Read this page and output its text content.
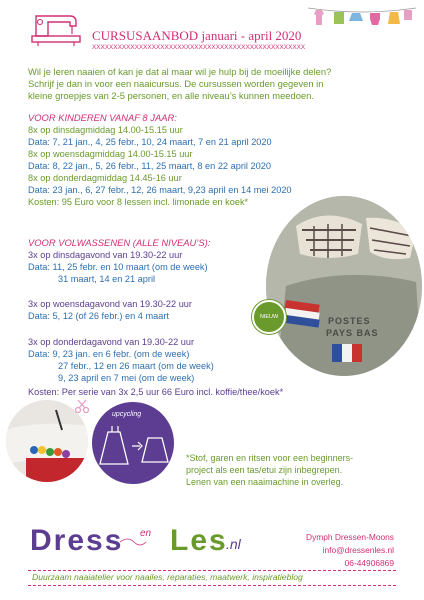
CURSUSAANBOD januari - april 2020
XXXXXXXXXXXXXXXXXXXXXXXXXXXXXXXXXXXXXXXXXXXXXXXXXX
Wil je leren naaien of kan je dat al maar wil je hulp bij de moeilijke delen?
Schrijf je dan in voor een naaicursus. De cursussen worden gegeven in
kleine groepjes van 2-5 personen, en alle niveau’s kunnen meedoen.
VOOR KINDEREN VANAF 8 JAAR:
8x op dinsdagmiddag 14.00-15.15 uur
Data: 7, 21 jan., 4, 25 febr., 10, 24 maart, 7 en 21 april 2020
8x op woensdagmiddag 14.00-15.15 uur
Data: 8, 22 jan., 5, 26 febr., 11, 25 maart, 8 en 22 april 2020
8x op donderdagmiddag 14.45-16 uur
Data: 23 jan., 6, 27 febr., 12, 26 maart, 9,23 april en 14 mei 2020
Kosten: 95 Euro voor 8 lessen incl. limonade en koek*
POSTES
PAYS BAS
NIEUW
VOOR VOLWASSENEN (ALLE NIVEAU’S):
3x op dinsdagavond van 19.30-22 uur
Data: 11, 25 febr. en 10 maart (om de week)
31 maart, 14 en 21 april
3x op woensdagavond van 19.30-22 uur
Data: 5, 12 (of 26 febr.) en 4 maart
3x op donderdagavond van 19.30-22 uur
Data: 9, 23 jan. en 6 febr. (om de week)
27 febr., 12 en 26 maart (om de week)
9, 23 april en 7 mei (om de week)
Kosten: Per serie van 3x 2,5 uur 66 Euro incl. koffie/thee/koek*
upcycling
*Stof, garen en ritsen voor een beginners-
project als een tas/etui zijn inbegrepen.
Lenen van een naaimachine in overleg.
Dress en Les
.nl	Dymph Dressen-Moons
info@dressenles.nl
06-44906869
Duurzaam naaiatelier voor naailes, reparaties, maatwerk, inspiratieblog
